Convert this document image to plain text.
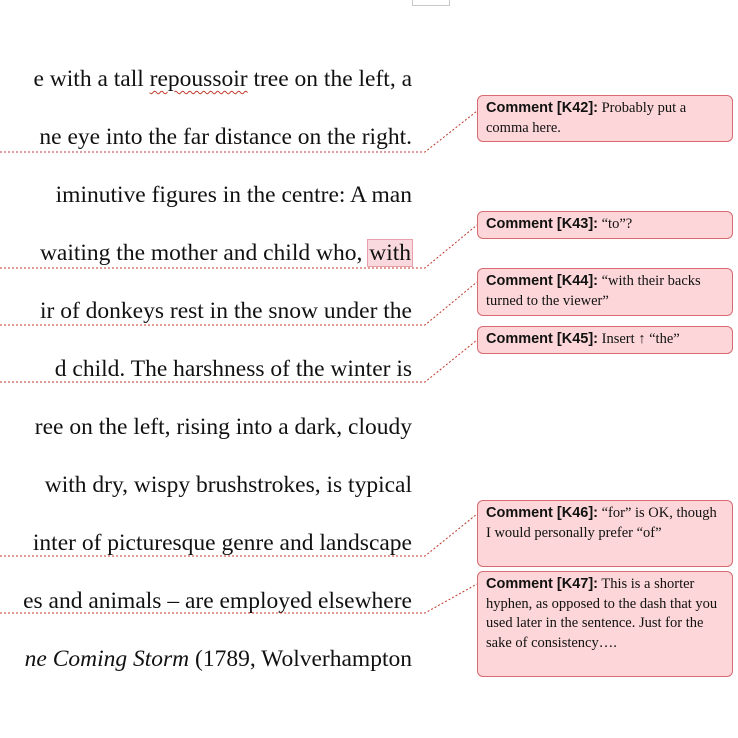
e with a tall repoussoir tree on the left, a
ne eye into the far distance on the right.
iminutive figures in the centre: A man
waiting the mother and child who, with
ir of donkeys rest in the snow under the
d child. The harshness of the winter is
ree on the left, rising into a dark, cloudy
with dry, wispy brushstrokes, is typical
inter of picturesque genre and landscape
es and animals – are employed elsewhere
ne Coming Storm (1789, Wolverhampton
Comment [K42]: Probably put a comma here.
Comment [K43]: “to”?
Comment [K44]: “with their backs turned to the viewer”
Comment [K45]: Insert ↑ “the”
Comment [K46]: “for” is OK, though I would personally prefer “of”
Comment [K47]: This is a shorter hyphen, as opposed to the dash that you used later in the sentence. Just for the sake of consistency….
